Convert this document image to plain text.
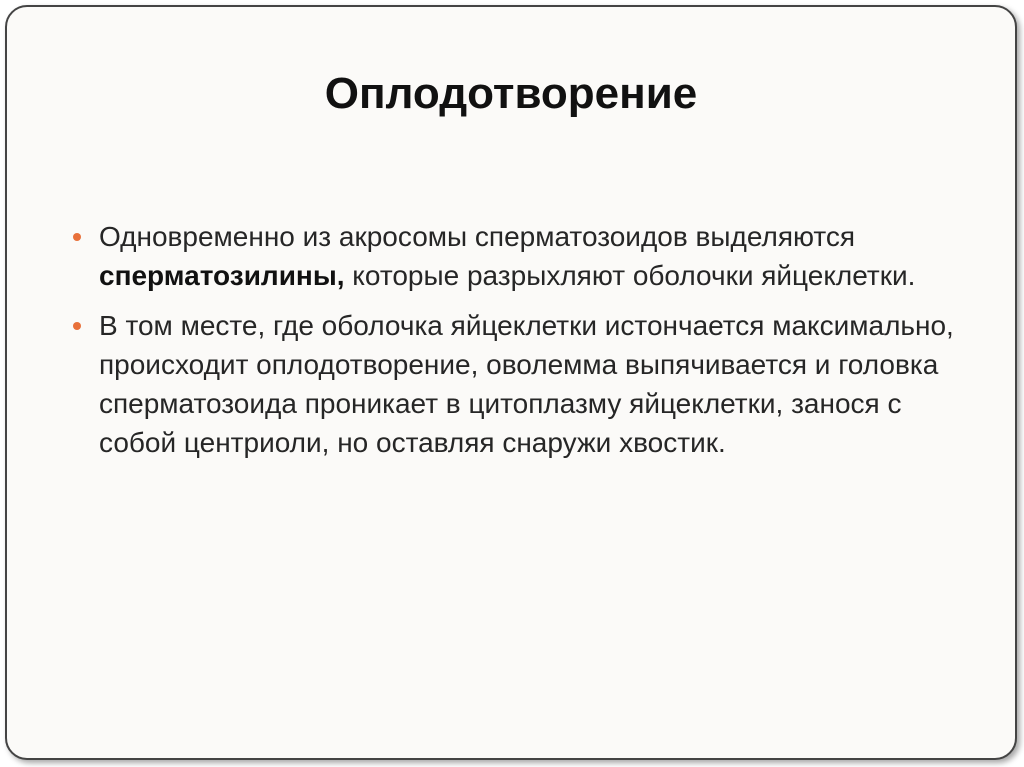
Оплодотворение
Одновременно из акросомы сперматозоидов выделяются сперматозилины, которые разрыхляют оболочки яйцеклетки.
В том месте, где оболочка яйцеклетки истончается максимально, происходит оплодотворение, оволемма выпячивается и головка сперматозоида проникает в цитоплазму яйцеклетки, занося с собой центриоли, но оставляя снаружи хвостик.
